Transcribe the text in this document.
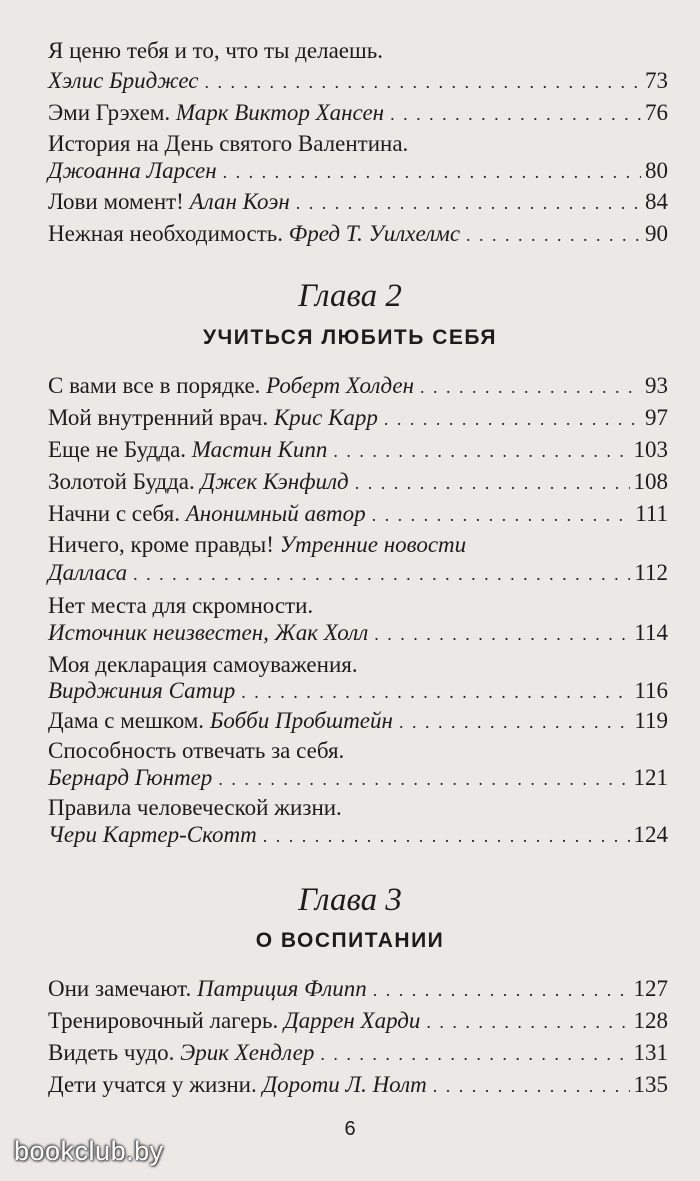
Я ценю тебя и то, что ты делаешь.
Хэлис Бриджес . . .	73
Эми Грэхем. Марк Виктор Хансен . . .	76
История на День святого Валентина.
Джоанна Ларсен . . .	80
Лови момент! Алан Коэн . . .	84
Нежная необходимость. Фред Т. Уилхелмс . . .	90
Глава 2
УЧИТЬСЯ ЛЮБИТЬ СЕБЯ
С вами все в порядке. Роберт Холден . . .	93
Мой внутренний врач. Крис Карр . . .	97
Еще не Будда. Мастин Кипп . . .	103
Золотой Будда. Джек Кэнфилд . . .	108
Начни с себя. Анонимный автор . . .	111
Ничего, кроме правды! Утренние новости
Далласа . . .	112
Нет места для скромности.
Источник неизвестен, Жак Холл . . .	114
Моя декларация самоуважения.
Вирджиния Сатир . . .	116
Дама с мешком. Бобби Пробштейн . . .	119
Способность отвечать за себя.
Бернард Гюнтер . . .	121
Правила человеческой жизни.
Чери Картер-Скотт . . .	124
Глава 3
О ВОСПИТАНИИ
Они замечают. Патриция Флипп . . .	127
Тренировочный лагерь. Даррен Харди . . .	128
Видеть чудо. Эрик Хендлер . . .	131
Дети учатся у жизни. Дороти Л. Нолт . . .	135
6
bookclub.by
